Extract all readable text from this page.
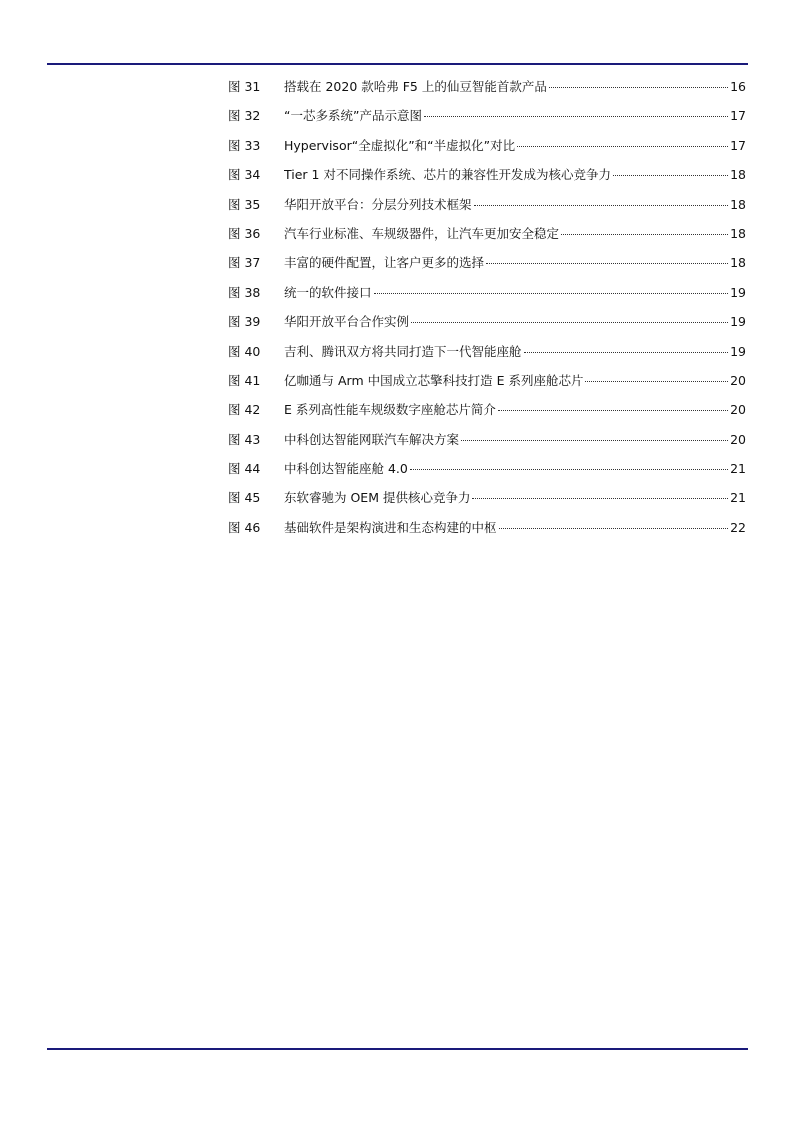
图 31	搭载在 2020 款哈弗 F5 上的仙豆智能首款产品	16
图 32	“一芯多系统”产品示意图	17
图 33	Hypervisor“全虚拟化”和“半虚拟化”对比	17
图 34	Tier 1 对不同操作系统、芯片的兼容性开发成为核心竞争力	18
图 35	华阳开放平台：分层分列技术框架	18
图 36	汽车行业标准、车规级器件，让汽车更加安全稳定	18
图 37	丰富的硬件配置，让客户更多的选择	18
图 38	统一的软件接口	19
图 39	华阳开放平台合作实例	19
图 40	吉利、腾讯双方将共同打造下一代智能座舱	19
图 41	亿咖通与 Arm 中国成立芯擎科技打造 E 系列座舱芯片	20
图 42	E 系列高性能车规级数字座舱芯片简介	20
图 43	中科创达智能网联汽车解决方案	20
图 44	中科创达智能座舱 4.0	21
图 45	东软睿驰为 OEM 提供核心竞争力	21
图 46	基础软件是架构演进和生态构建的中枢	22
